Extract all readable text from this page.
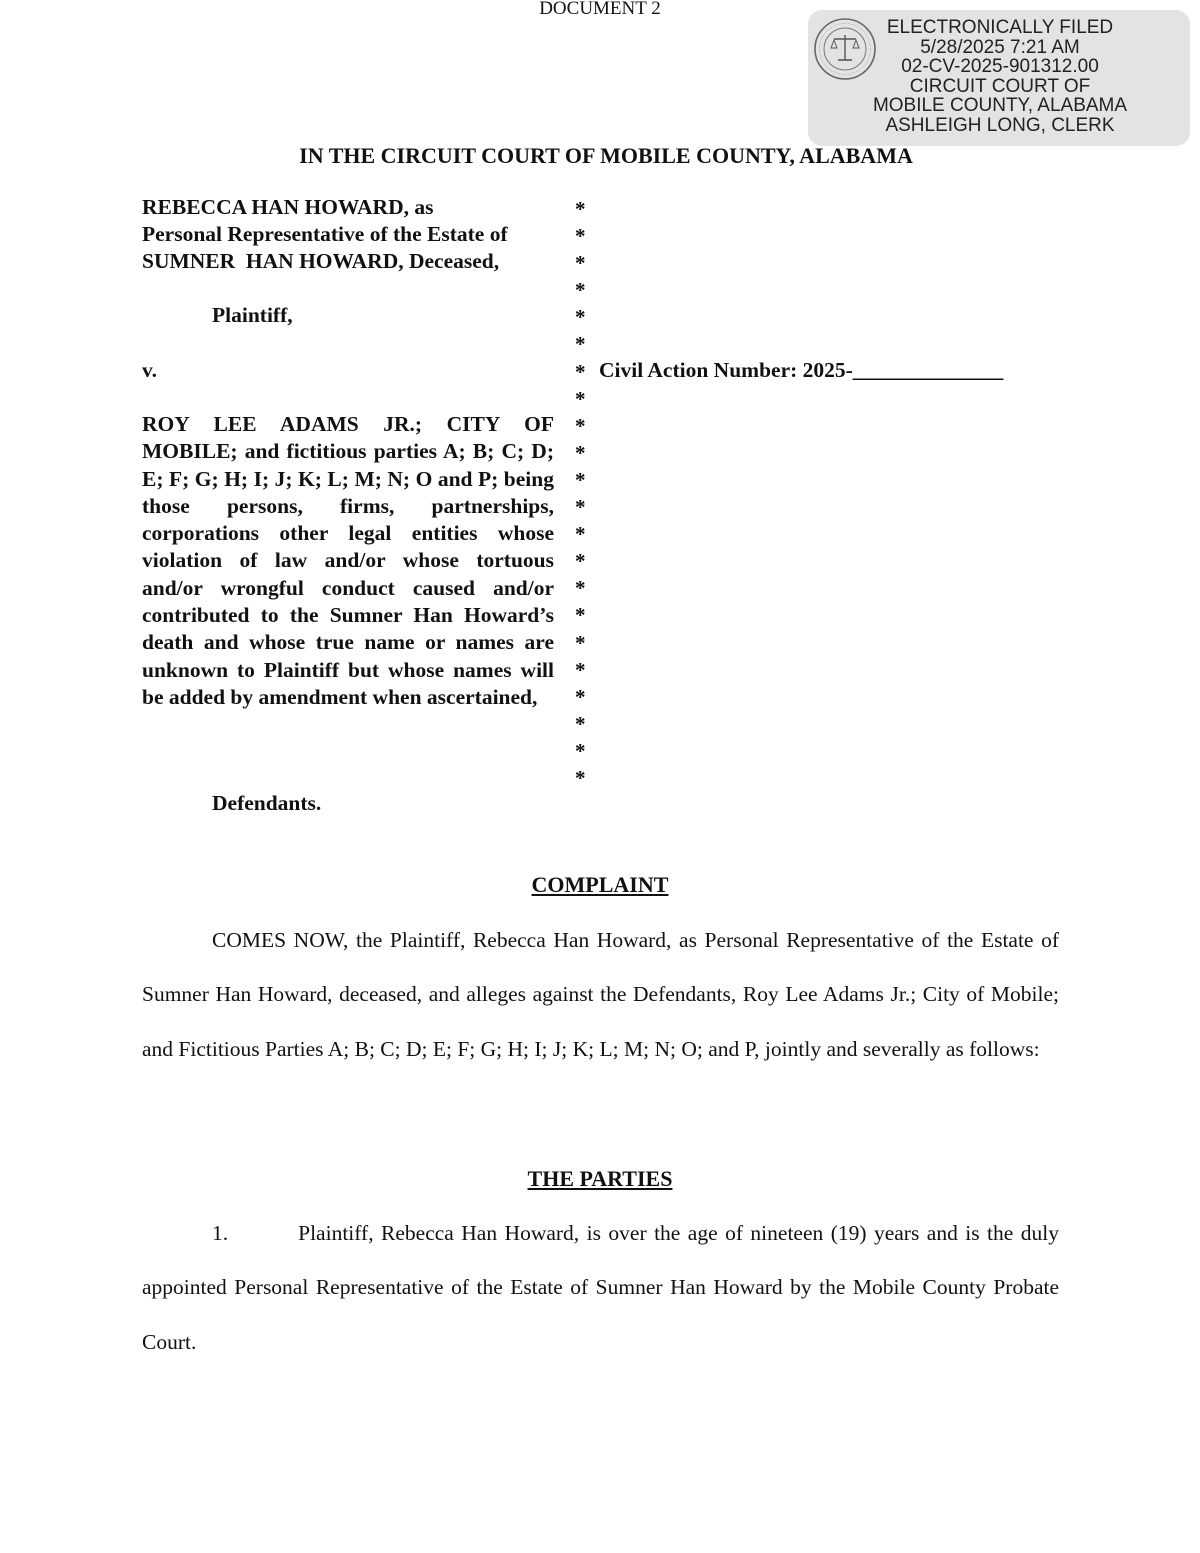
DOCUMENT 2
ELECTRONICALLY FILED
5/28/2025 7:21 AM
02-CV-2025-901312.00
CIRCUIT COURT OF
MOBILE COUNTY, ALABAMA
ASHLEIGH LONG, CLERK
IN THE CIRCUIT COURT OF MOBILE COUNTY, ALABAMA
REBECCA HAN HOWARD, as
Personal Representative of the Estate of
SUMNER  HAN HOWARD, Deceased,
Plaintiff,
v.
ROY LEE ADAMS JR.; CITY OF MOBILE; and fictitious parties A; B; C; D; E; F; G; H; I; J; K; L; M; N; O and P; being those persons, firms, partnerships, corporations other legal entities whose violation of law and/or whose tortuous and/or wrongful conduct caused and/or contributed to the Sumner Han Howard’s death and whose true name or names are unknown to Plaintiff but whose names will be added by amendment when ascertained,
Defendants.
*
*
*
*
*
*
*
*
*
*
*
*
*
*
*
*
*
*
*
*
*
*
Civil Action Number: 2025-______________
COMPLAINT
COMES NOW, the Plaintiff, Rebecca Han Howard, as Personal Representative of the Estate of Sumner Han Howard, deceased, and alleges against the Defendants, Roy Lee Adams Jr.; City of Mobile; and Fictitious Parties A; B; C; D; E; F; G; H; I; J; K; L; M; N; O; and P, jointly and severally as follows:
THE PARTIES
1.	Plaintiff, Rebecca Han Howard, is over the age of nineteen (19) years and is the duly appointed Personal Representative of the Estate of Sumner Han Howard by the Mobile County Probate Court.
